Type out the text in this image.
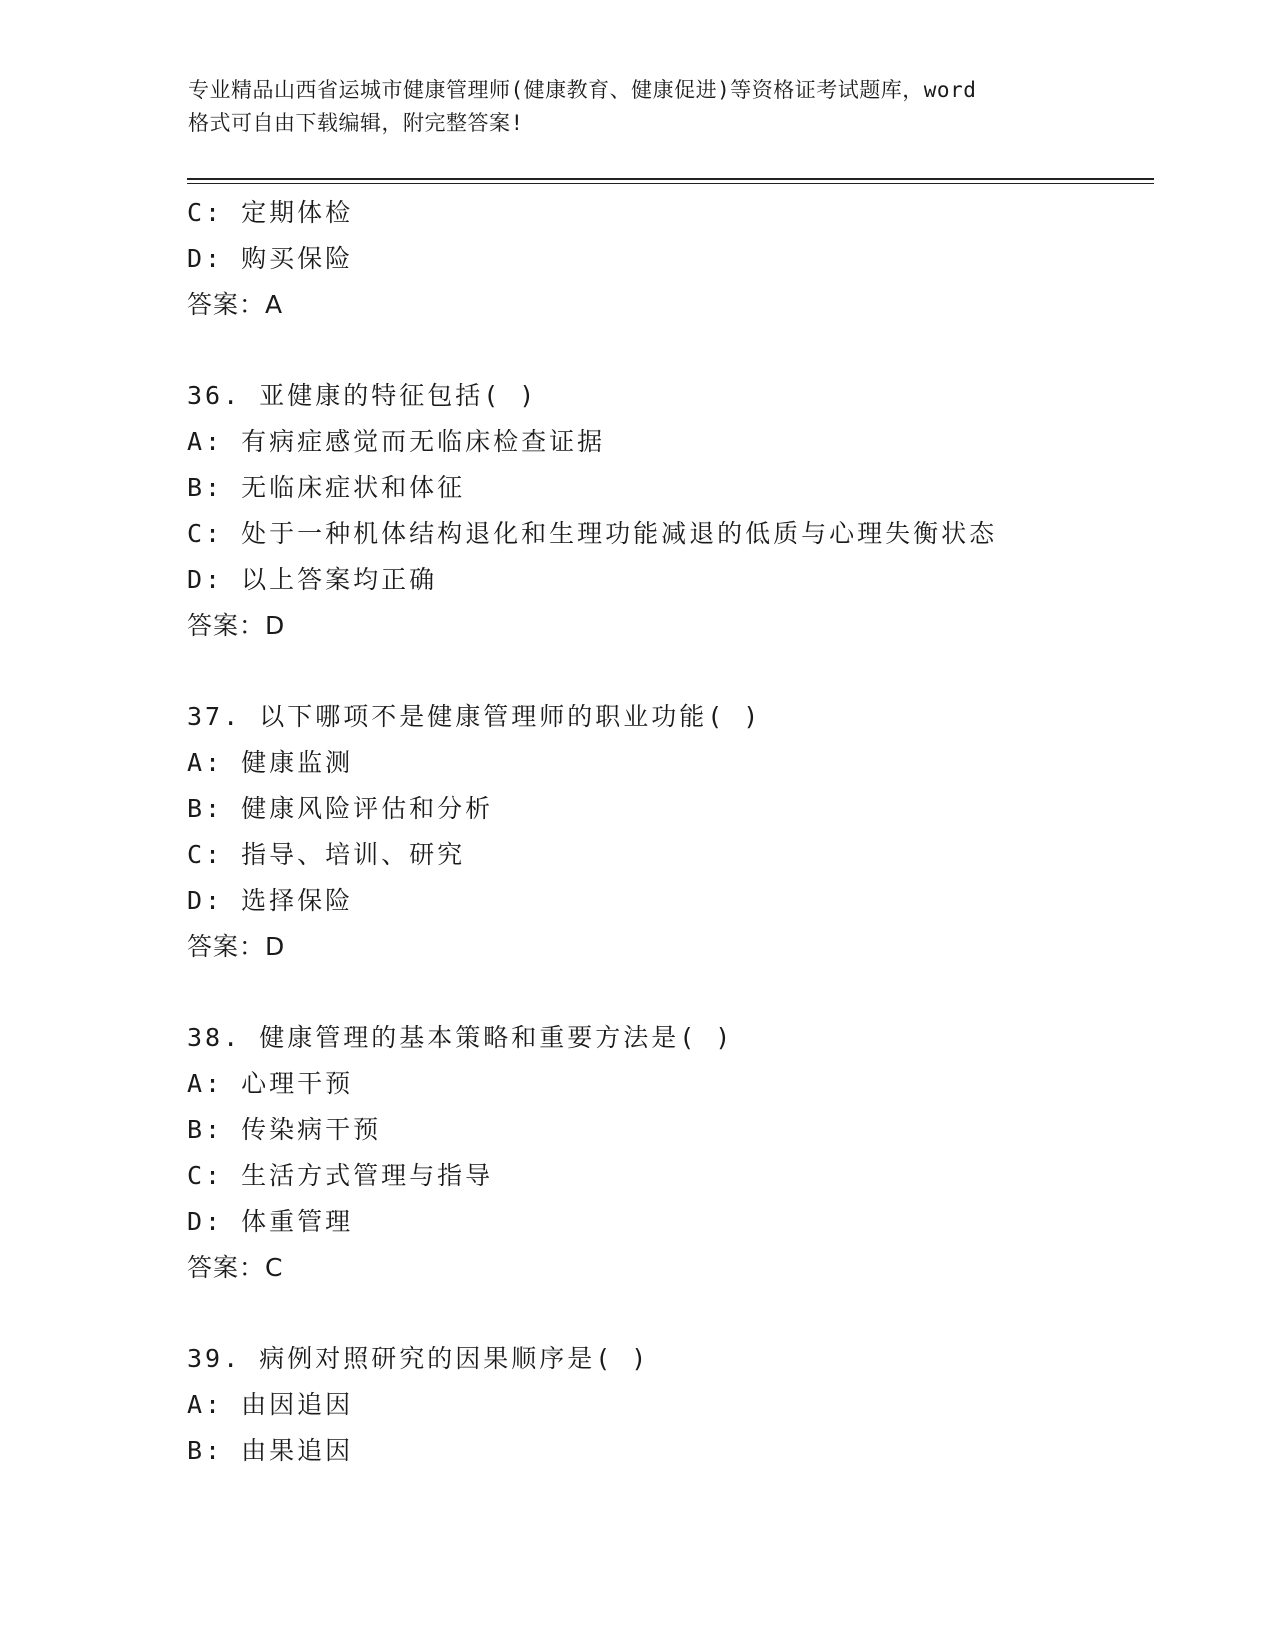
专业精品山西省运城市健康管理师(健康教育、健康促进)等资格证考试题库，word
格式可自由下载编辑，附完整答案!
C: 定期体检
D: 购买保险
答案：A
36. 亚健康的特征包括( )
A: 有病症感觉而无临床检查证据
B: 无临床症状和体征
C: 处于一种机体结构退化和生理功能减退的低质与心理失衡状态
D: 以上答案均正确
答案：D
37. 以下哪项不是健康管理师的职业功能( )
A: 健康监测
B: 健康风险评估和分析
C: 指导、培训、研究
D: 选择保险
答案：D
38. 健康管理的基本策略和重要方法是( )
A: 心理干预
B: 传染病干预
C: 生活方式管理与指导
D: 体重管理
答案：C
39. 病例对照研究的因果顺序是( )
A: 由因追因
B: 由果追因
